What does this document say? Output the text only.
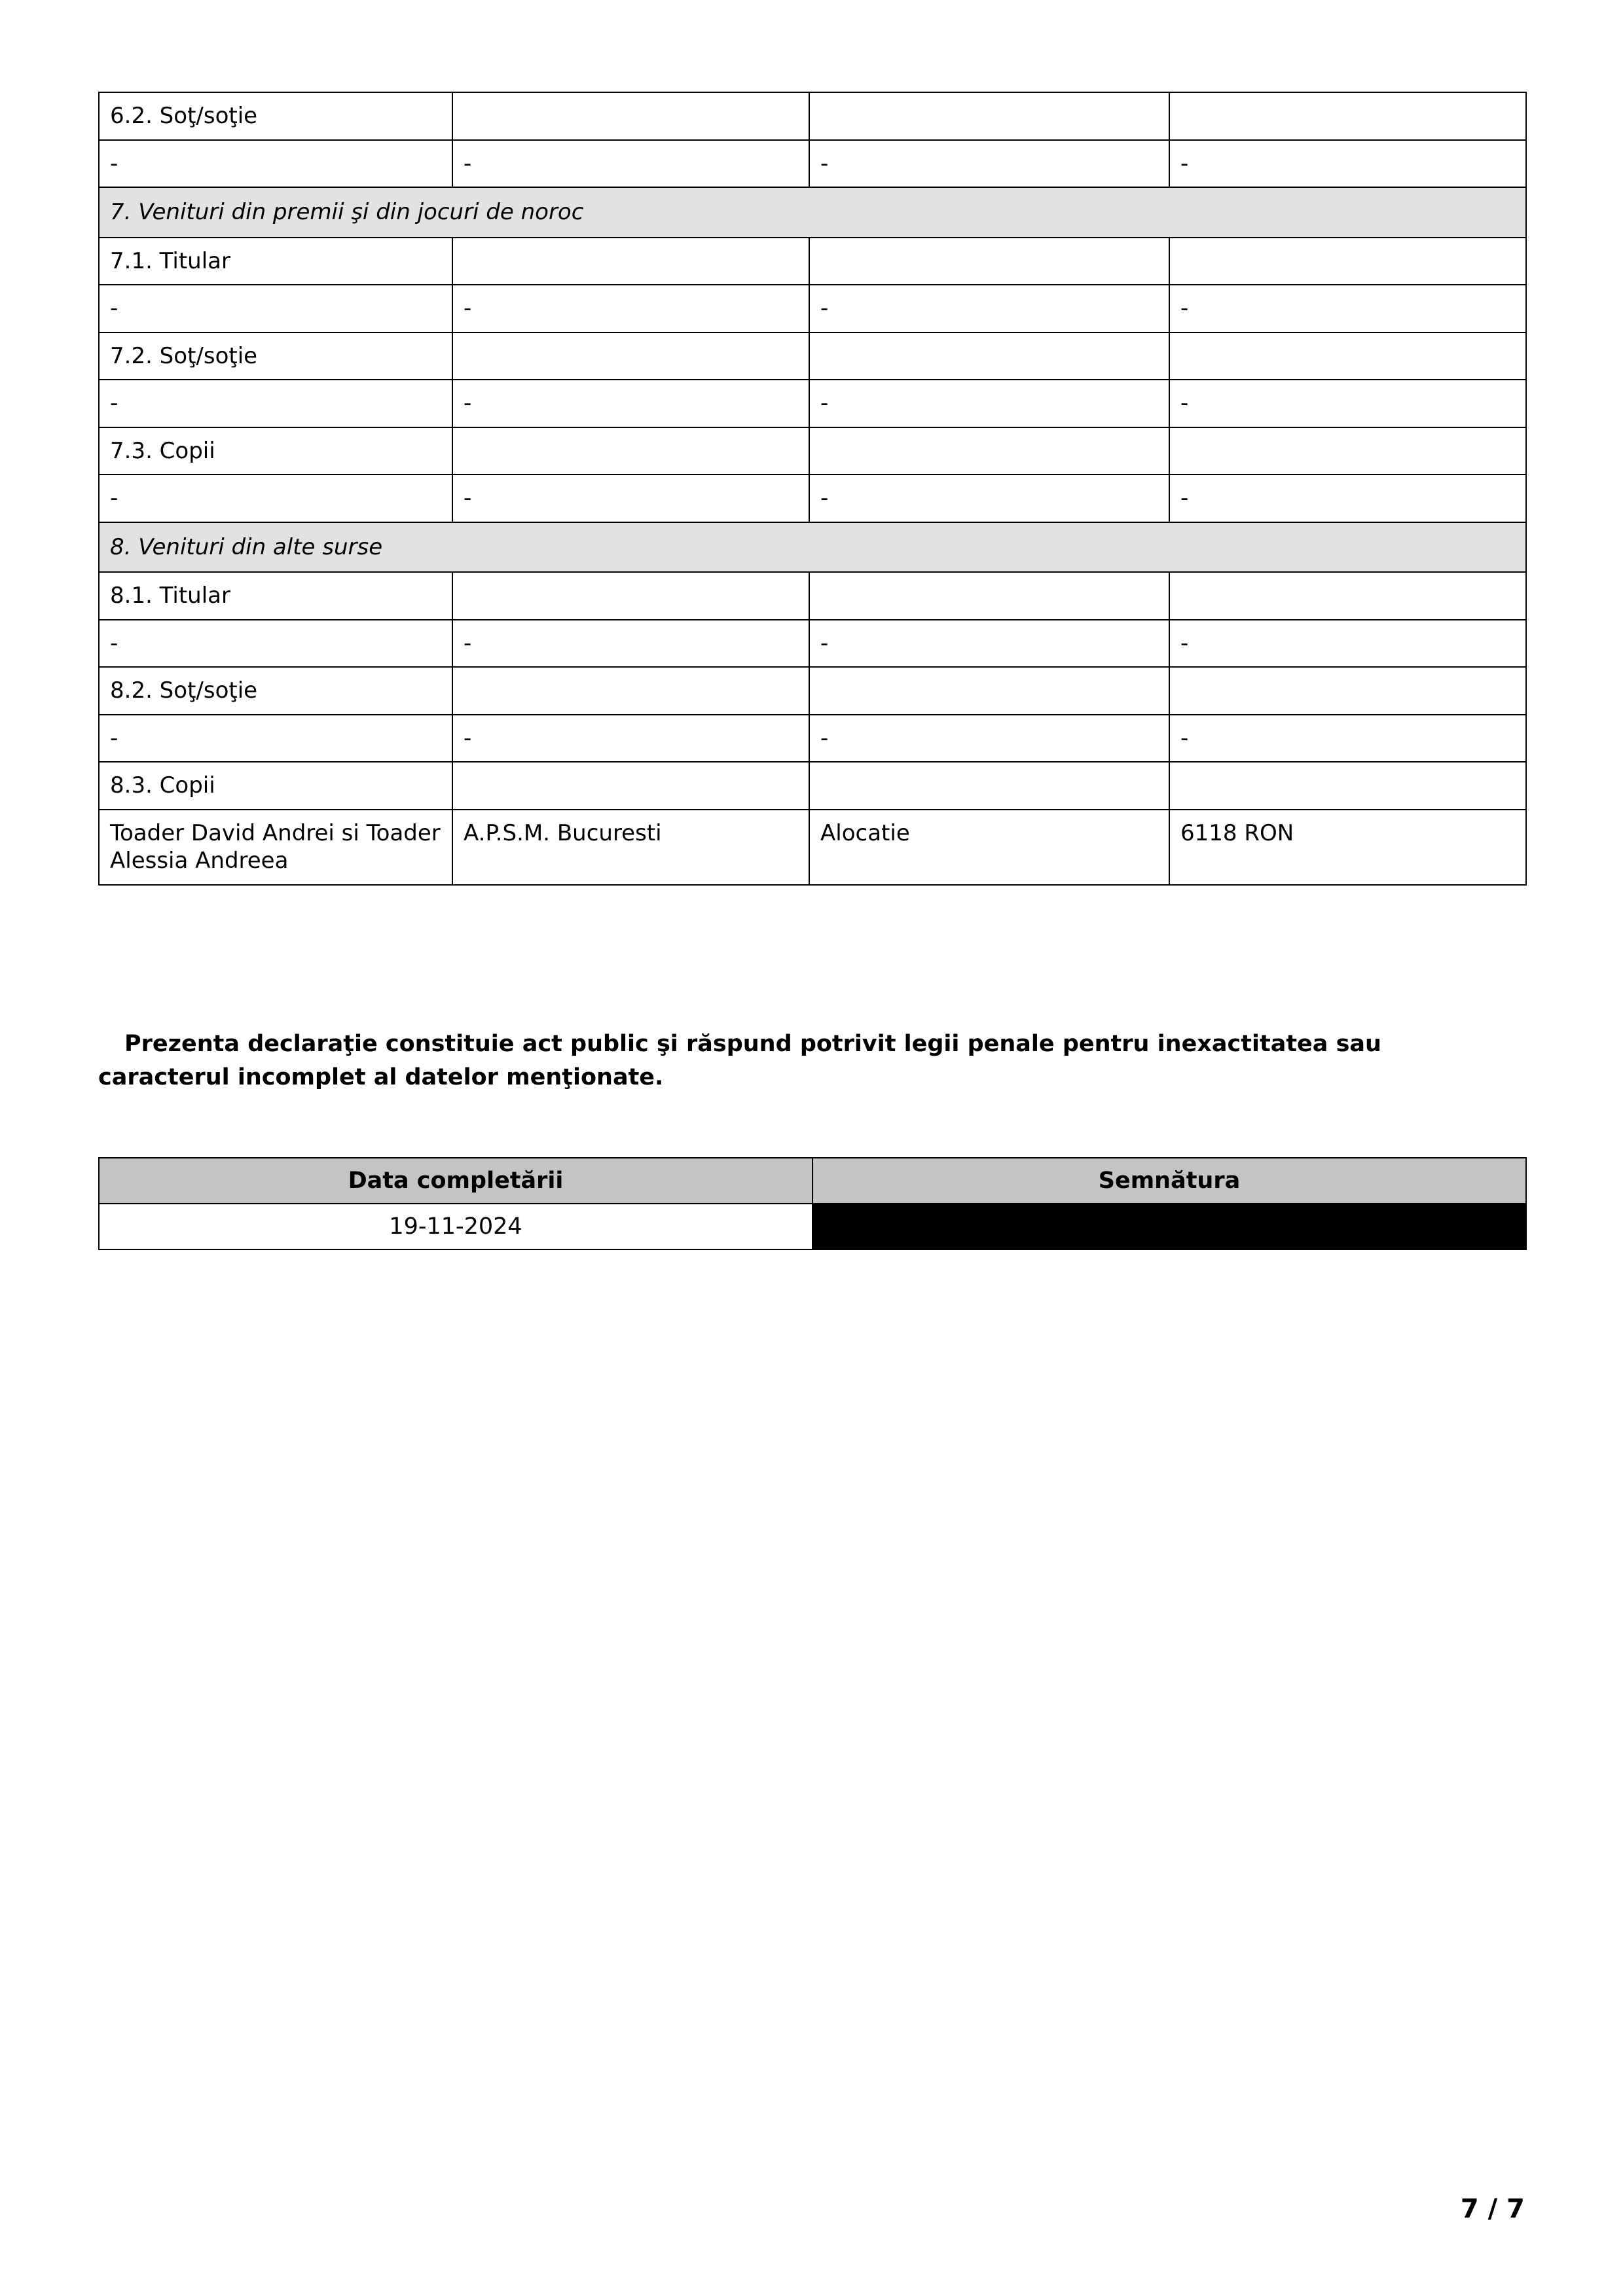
6.2. Soţ/soţie			
-	-	-	-
7. Venituri din premii şi din jocuri de noroc			
7.1. Titular			
-	-	-	-
7.2. Soţ/soţie			
-	-	-	-
7.3. Copii			
-	-	-	-
8. Venituri din alte surse			
8.1. Titular			
-	-	-	-
8.2. Soţ/soţie			
-	-	-	-
8.3. Copii			
Toader David Andrei si Toader Alessia Andreea	A.P.S.M. Bucuresti	Alocatie	6118 RON
Prezenta declaraţie constituie act public şi răspund potrivit legii penale pentru inexactitatea sau caracterul incomplet al datelor menţionate.
Data completării	Semnătura
19-11-2024	
7 / 7
